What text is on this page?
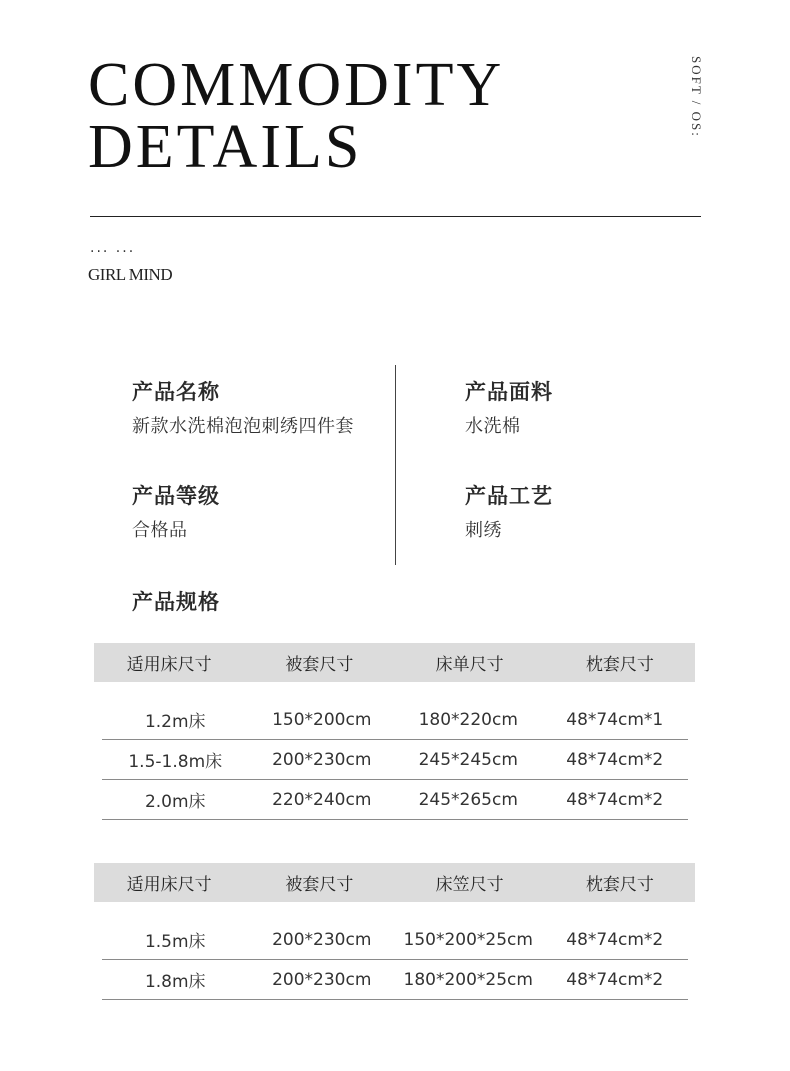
COMMODITY
DETAILS
SOFT / OS:
... ...
GIRL MIND
产品名称
新款水洗棉泡泡刺绣四件套
产品面料
水洗棉
产品等级
合格品
产品工艺
刺绣
产品规格
适用床尺寸	被套尺寸	床单尺寸	枕套尺寸
1.2m床	150*200cm	180*220cm	48*74cm*1
1.5-1.8m床	200*230cm	245*245cm	48*74cm*2
2.0m床	220*240cm	245*265cm	48*74cm*2
适用床尺寸	被套尺寸	床笠尺寸	枕套尺寸
1.5m床	200*230cm	150*200*25cm	48*74cm*2
1.8m床	200*230cm	180*200*25cm	48*74cm*2
